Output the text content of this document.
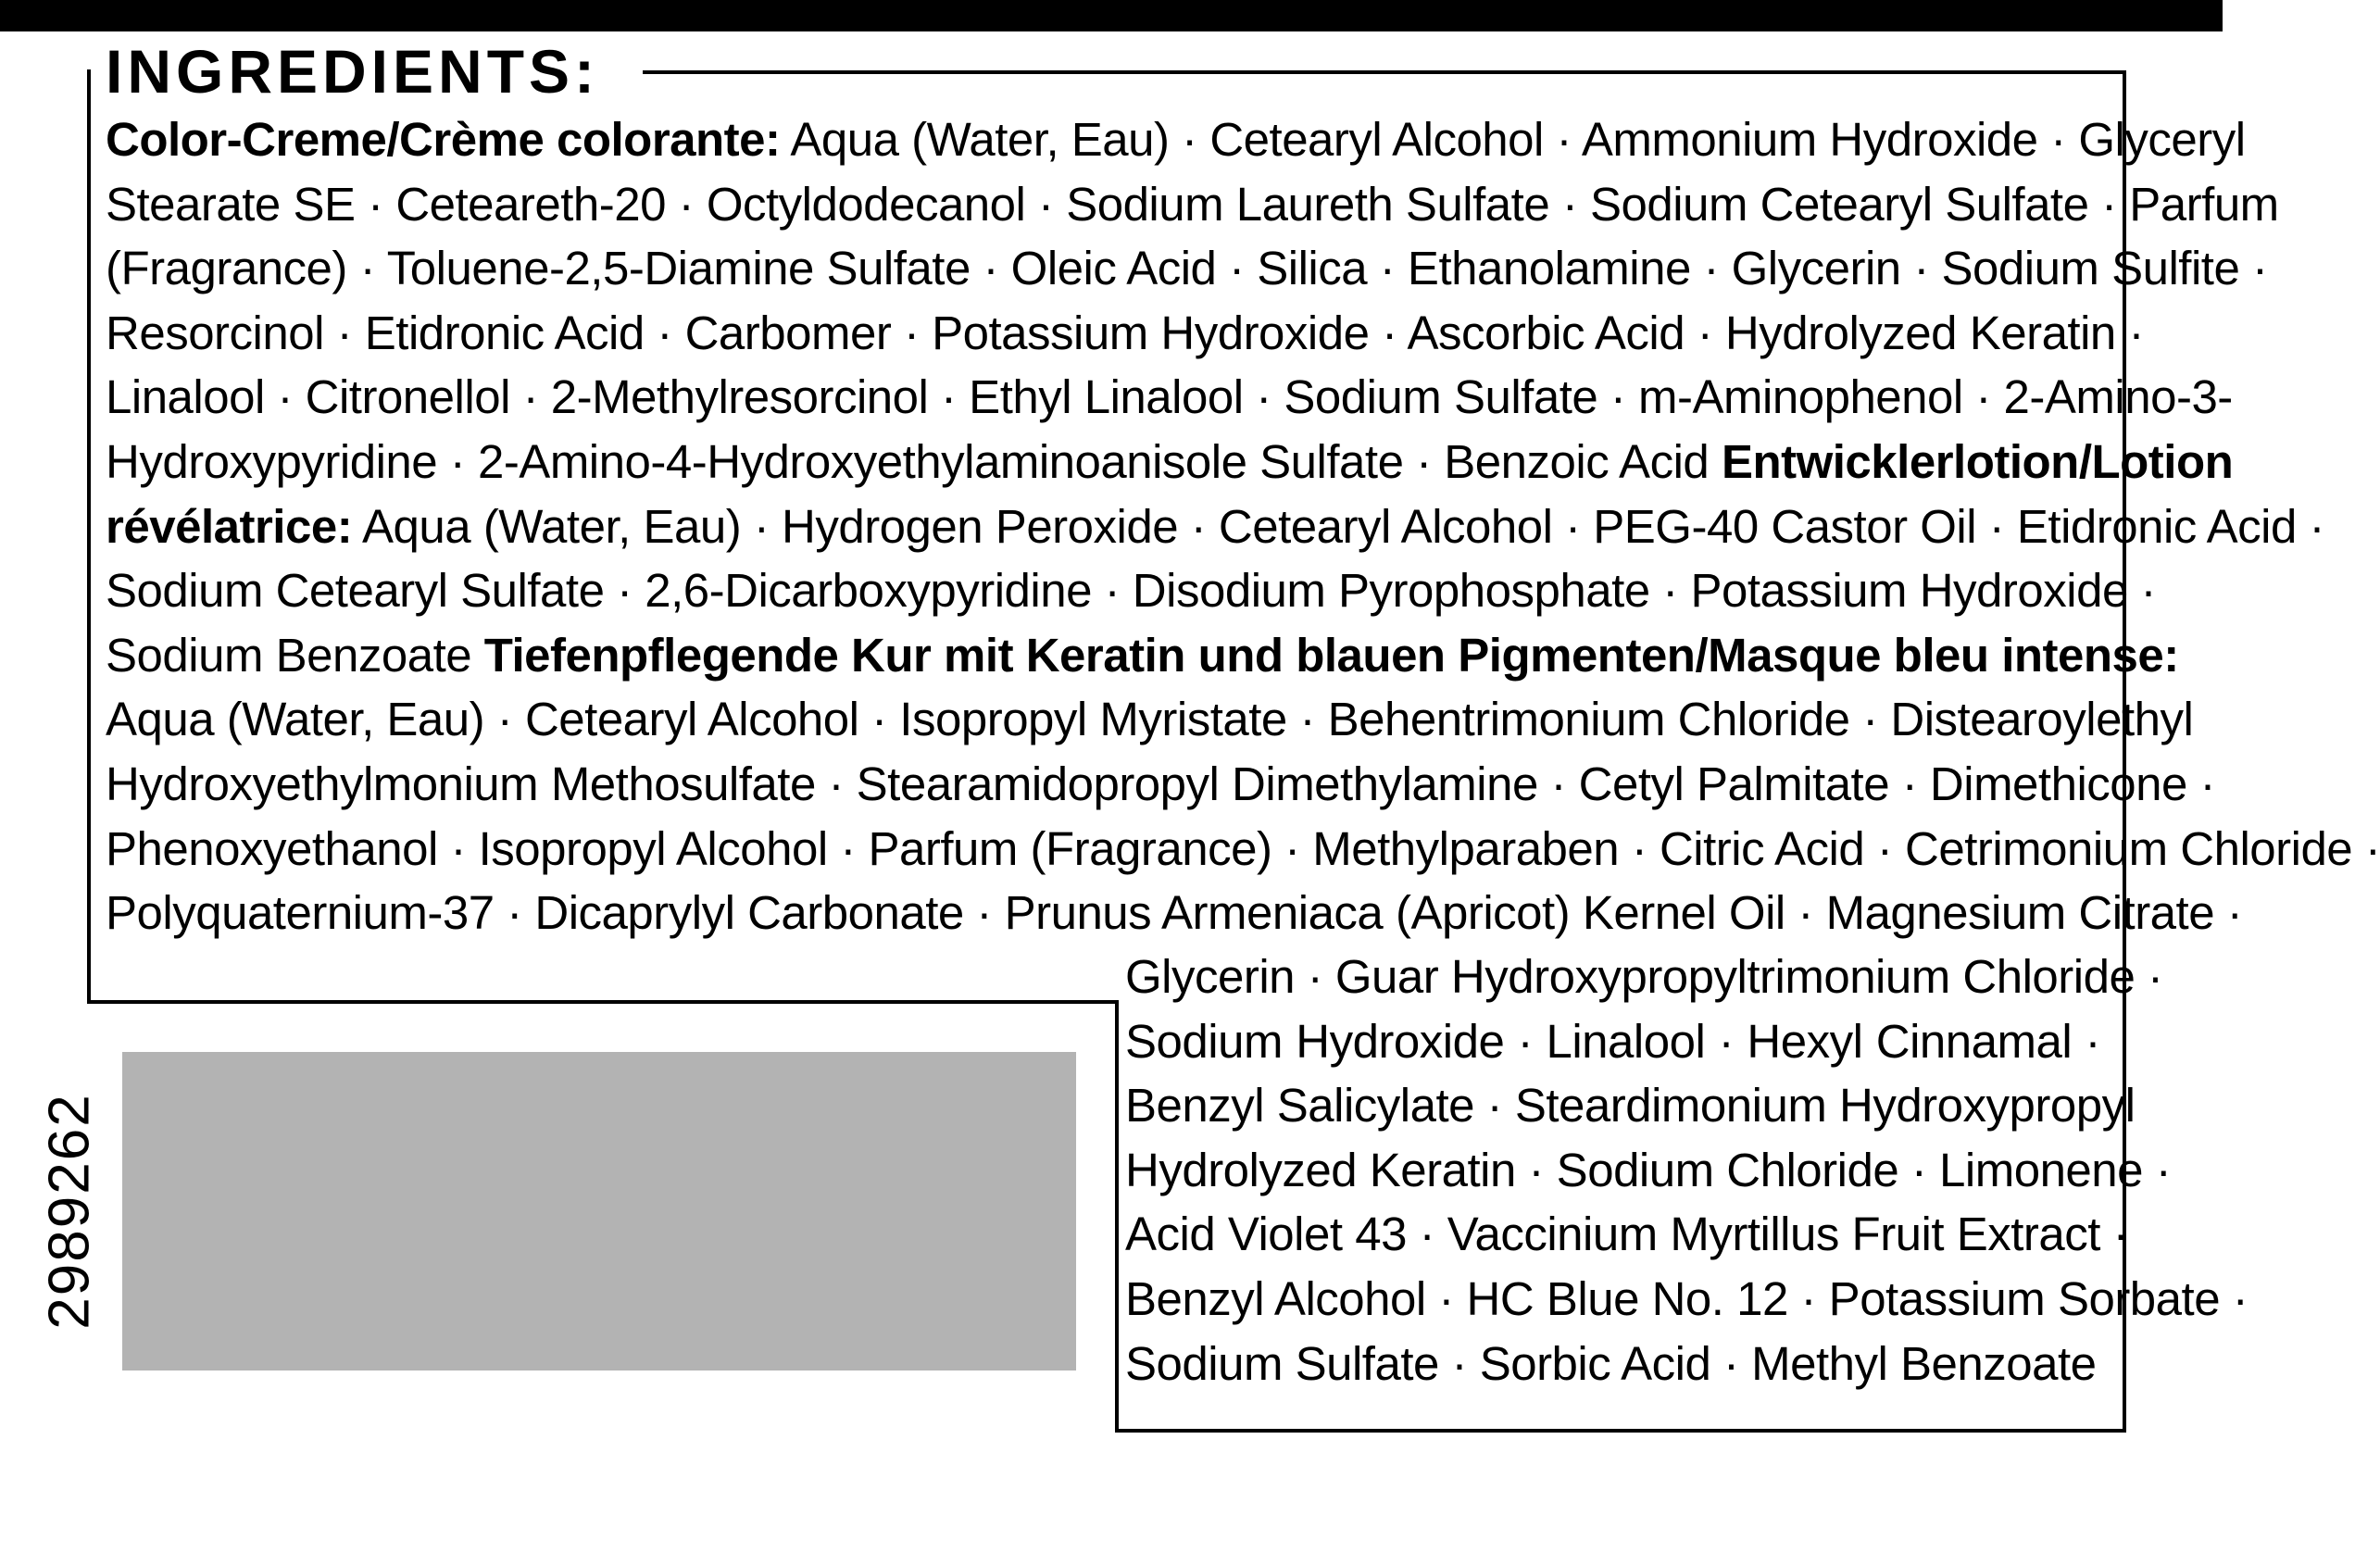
INGREDIENTS:
Color-Creme/Crème colorante: Aqua (Water, Eau) · Cetearyl Alcohol · Ammonium Hydroxide · Glyceryl
Stearate SE · Ceteareth-20 · Octyldodecanol · Sodium Laureth Sulfate · Sodium Cetearyl Sulfate · Parfum
(Fragrance) · Toluene-2,5-Diamine Sulfate · Oleic Acid · Silica · Ethanolamine · Glycerin · Sodium Sulfite ·
Resorcinol · Etidronic Acid · Carbomer · Potassium Hydroxide · Ascorbic Acid · Hydrolyzed Keratin ·
Linalool · Citronellol · 2-Methylresorcinol · Ethyl Linalool · Sodium Sulfate · m-Aminophenol · 2-Amino-3-
Hydroxypyridine · 2-Amino-4-Hydroxyethylaminoanisole Sulfate · Benzoic Acid Entwicklerlotion/Lotion
révélatrice: Aqua (Water, Eau) · Hydrogen Peroxide · Cetearyl Alcohol · PEG-40 Castor Oil · Etidronic Acid ·
Sodium Cetearyl Sulfate · 2,6-Dicarboxypyridine · Disodium Pyrophosphate · Potassium Hydroxide ·
Sodium Benzoate Tiefenpflegende Kur mit Keratin und blauen Pigmenten/Masque bleu intense:
Aqua (Water, Eau) · Cetearyl Alcohol · Isopropyl Myristate · Behentrimonium Chloride · Distearoylethyl
Hydroxyethylmonium Methosulfate · Stearamidopropyl Dimethylamine · Cetyl Palmitate · Dimethicone ·
Phenoxyethanol · Isopropyl Alcohol · Parfum (Fragrance) · Methylparaben · Citric Acid · Cetrimonium Chloride ·
Polyquaternium-37 · Dicaprylyl Carbonate · Prunus Armeniaca (Apricot) Kernel Oil · Magnesium Citrate ·
Glycerin · Guar Hydroxypropyltrimonium Chloride ·
Sodium Hydroxide · Linalool · Hexyl Cinnamal ·
Benzyl Salicylate · Steardimonium Hydroxypropyl
Hydrolyzed Keratin · Sodium Chloride · Limonene ·
Acid Violet 43 · Vaccinium Myrtillus Fruit Extract ·
Benzyl Alcohol · HC Blue No. 12 · Potassium Sorbate ·
Sodium Sulfate · Sorbic Acid · Methyl Benzoate
2989262
